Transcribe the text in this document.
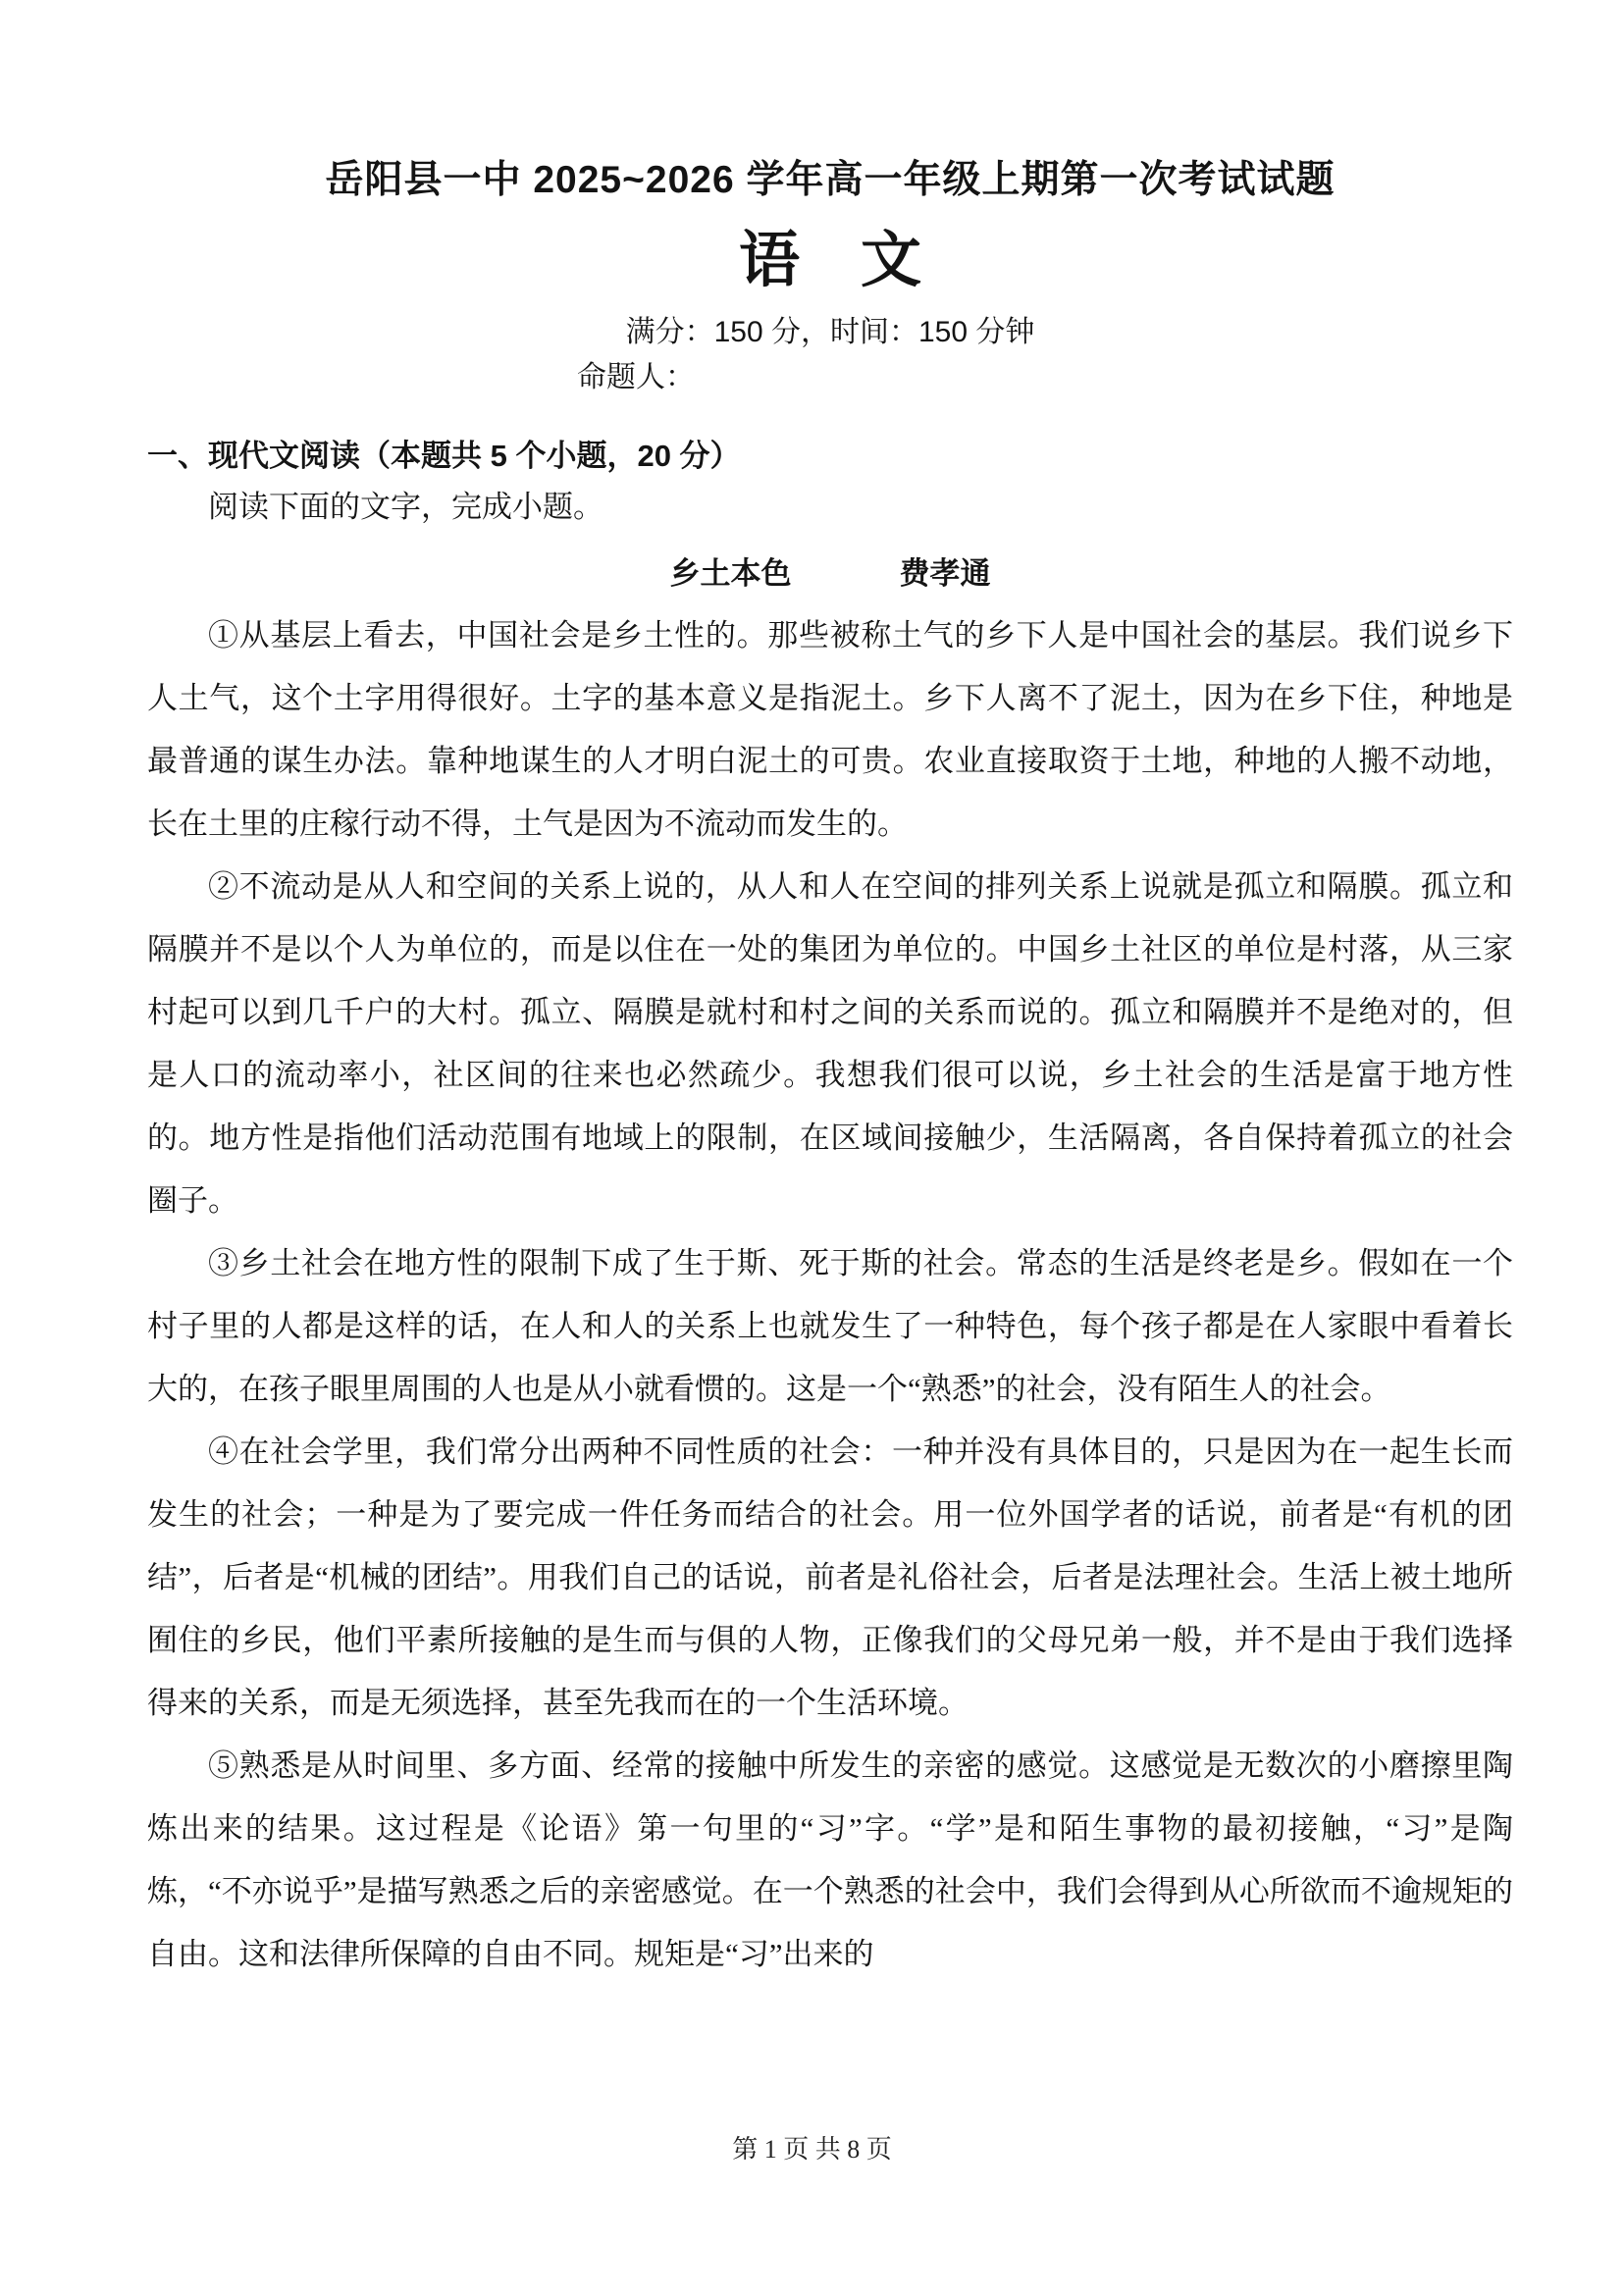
岳阳县一中 2025~2026 学年高一年级上期第一次考试试题
语　文
满分：150 分，时间：150 分钟
命题人：
一、现代文阅读（本题共 5 个小题，20 分）
阅读下面的文字，完成小题。
乡土本色	费孝通

①从基层上看去，中国社会是乡土性的。那些被称土气的乡下人是中国社会的基层。我们说乡下人土气，这个土字用得很好。土字的基本意义是指泥土。乡下人离不了泥土，因为在乡下住，种地是最普通的谋生办法。靠种地谋生的人才明白泥土的可贵。农业直接取资于土地，种地的人搬不动地，长在土里的庄稼行动不得，土气是因为不流动而发生的。

②不流动是从人和空间的关系上说的，从人和人在空间的排列关系上说就是孤立和隔膜。孤立和隔膜并不是以个人为单位的，而是以住在一处的集团为单位的。中国乡土社区的单位是村落，从三家村起可以到几千户的大村。孤立、隔膜是就村和村之间的关系而说的。孤立和隔膜并不是绝对的，但是人口的流动率小，社区间的往来也必然疏少。我想我们很可以说，乡土社会的生活是富于地方性的。地方性是指他们活动范围有地域上的限制，在区域间接触少，生活隔离，各自保持着孤立的社会圈子。

③乡土社会在地方性的限制下成了生于斯、死于斯的社会。常态的生活是终老是乡。假如在一个村子里的人都是这样的话，在人和人的关系上也就发生了一种特色，每个孩子都是在人家眼中看着长大的，在孩子眼里周围的人也是从小就看惯的。这是一个“熟悉”的社会，没有陌生人的社会。

④在社会学里，我们常分出两种不同性质的社会：一种并没有具体目的，只是因为在一起生长而发生的社会；一种是为了要完成一件任务而结合的社会。用一位外国学者的话说，前者是“有机的团结”，后者是“机械的团结”。用我们自己的话说，前者是礼俗社会，后者是法理社会。生活上被土地所囿住的乡民，他们平素所接触的是生而与俱的人物，正像我们的父母兄弟一般，并不是由于我们选择得来的关系，而是无须选择，甚至先我而在的一个生活环境。

⑤熟悉是从时间里、多方面、经常的接触中所发生的亲密的感觉。这感觉是无数次的小磨擦里陶炼出来的结果。这过程是《论语》第一句里的“习”字。“学”是和陌生事物的最初接触，“习”是陶炼，“不亦说乎”是描写熟悉之后的亲密感觉。在一个熟悉的社会中，我们会得到从心所欲而不逾规矩的自由。这和法律所保障的自由不同。规矩是“习”出来的

第 1 页 共 8 页
